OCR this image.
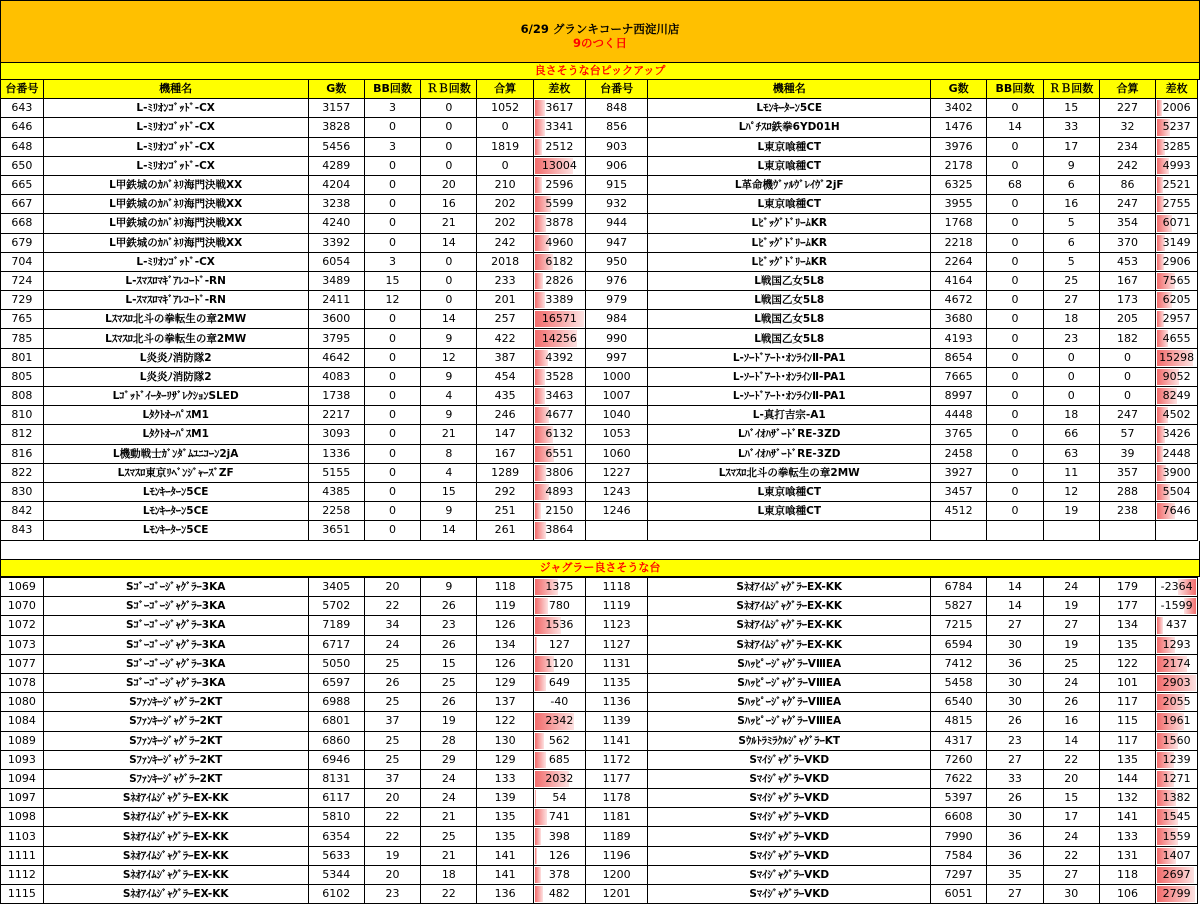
6/29 グランキコーナ西淀川店
9のつく日
良さそうな台ピックアップ
台番号	機種名	G数	BB回数	ＲＢ回数	合算	差枚	台番号	機種名	G数	BB回数	ＲＢ回数	合算	差枚
643	L-ﾐﾘｵﾝｺﾞｯﾄﾞ-CX	3157	3	0	1052	3617	848	Lﾓﾝｷｰﾀｰﾝ5CE	3402	0	15	227	2006
646	L-ﾐﾘｵﾝｺﾞｯﾄﾞ-CX	3828	0	0	0	3341	856	Lﾊﾟﾁｽﾛ鉄拳6YD01H	1476	14	33	32	5237
648	L-ﾐﾘｵﾝｺﾞｯﾄﾞ-CX	5456	3	0	1819	2512	903	L東京喰種CT	3976	0	17	234	3285
650	L-ﾐﾘｵﾝｺﾞｯﾄﾞ-CX	4289	0	0	0	13004	906	L東京喰種CT	2178	0	9	242	4993
665	L甲鉄城のｶﾊﾞﾈﾘ海門決戦XX	4204	0	20	210	2596	915	L革命機ｳﾞｧﾙｳﾞﾚｲｳﾞ2jF	6325	68	6	86	2521
667	L甲鉄城のｶﾊﾞﾈﾘ海門決戦XX	3238	0	16	202	5599	932	L東京喰種CT	3955	0	16	247	2755
668	L甲鉄城のｶﾊﾞﾈﾘ海門決戦XX	4240	0	21	202	3878	944	LﾋﾞｯｸﾞﾄﾞﾘｰﾑKR	1768	0	5	354	6071
679	L甲鉄城のｶﾊﾞﾈﾘ海門決戦XX	3392	0	14	242	4960	947	LﾋﾞｯｸﾞﾄﾞﾘｰﾑKR	2218	0	6	370	3149
704	L-ﾐﾘｵﾝｺﾞｯﾄﾞ-CX	6054	3	0	2018	6182	950	LﾋﾞｯｸﾞﾄﾞﾘｰﾑKR	2264	0	5	453	2906
724	L-ｽﾏｽﾛﾏｷﾞｱﾚｺｰﾄﾞ-RN	3489	15	0	233	2826	976	L戦国乙女5L8	4164	0	25	167	7565
729	L-ｽﾏｽﾛﾏｷﾞｱﾚｺｰﾄﾞ-RN	2411	12	0	201	3389	979	L戦国乙女5L8	4672	0	27	173	6205
765	Lｽﾏｽﾛ北斗の拳転生の章2MW	3600	0	14	257	16571	984	L戦国乙女5L8	3680	0	18	205	2957
785	Lｽﾏｽﾛ北斗の拳転生の章2MW	3795	0	9	422	14256	990	L戦国乙女5L8	4193	0	23	182	4655
801	L炎炎ﾉ消防隊2	4642	0	12	387	4392	997	L-ｿｰﾄﾞｱｰﾄ･ｵﾝﾗｲﾝⅡ-PA1	8654	0	0	0	15298
805	L炎炎ﾉ消防隊2	4083	0	9	454	3528	1000	L-ｿｰﾄﾞｱｰﾄ･ｵﾝﾗｲﾝⅡ-PA1	7665	0	0	0	9052
808	LｺﾞｯﾄﾞｲｰﾀｰﾘｻﾞﾚｸｼｮﾝSLED	1738	0	4	435	3463	1007	L-ｿｰﾄﾞｱｰﾄ･ｵﾝﾗｲﾝⅡ-PA1	8997	0	0	0	8249
810	LﾀｸﾄｵｰﾊﾟｽM1	2217	0	9	246	4677	1040	L-真打吉宗-A1	4448	0	18	247	4502
812	LﾀｸﾄｵｰﾊﾟｽM1	3093	0	21	147	6132	1053	LﾊﾞｲｵﾊｻﾞｰﾄﾞRE-3ZD	3765	0	66	57	3426
816	L機動戦士ｶﾞﾝﾀﾞﾑﾕﾆｺｰﾝ2jA	1336	0	8	167	6551	1060	LﾊﾞｲｵﾊｻﾞｰﾄﾞRE-3ZD	2458	0	63	39	2448
822	Lｽﾏｽﾛ東京ﾘﾍﾞﾝｼﾞｬｰｽﾞZF	5155	0	4	1289	3806	1227	Lｽﾏｽﾛ北斗の拳転生の章2MW	3927	0	11	357	3900
830	Lﾓﾝｷｰﾀｰﾝ5CE	4385	0	15	292	4893	1243	L東京喰種CT	3457	0	12	288	5504
842	Lﾓﾝｷｰﾀｰﾝ5CE	2258	0	9	251	2150	1246	L東京喰種CT	4512	0	19	238	7646
843	Lﾓﾝｷｰﾀｰﾝ5CE	3651	0	14	261	3864							
ジャグラー良さそうな台
1069	Sｺﾞｰｺﾞｰｼﾞｬｸﾞﾗｰ3KA	3405	20	9	118	1375	1118	SﾈｵｱｲﾑｼﾞｬｸﾞﾗｰEX-KK	6784	14	24	179	-2364
1070	Sｺﾞｰｺﾞｰｼﾞｬｸﾞﾗｰ3KA	5702	22	26	119	780	1119	SﾈｵｱｲﾑｼﾞｬｸﾞﾗｰEX-KK	5827	14	19	177	-1599
1072	Sｺﾞｰｺﾞｰｼﾞｬｸﾞﾗｰ3KA	7189	34	23	126	1536	1123	SﾈｵｱｲﾑｼﾞｬｸﾞﾗｰEX-KK	7215	27	27	134	437
1073	Sｺﾞｰｺﾞｰｼﾞｬｸﾞﾗｰ3KA	6717	24	26	134	127	1127	SﾈｵｱｲﾑｼﾞｬｸﾞﾗｰEX-KK	6594	30	19	135	1293
1077	Sｺﾞｰｺﾞｰｼﾞｬｸﾞﾗｰ3KA	5050	25	15	126	1120	1131	SﾊｯﾋﾟｰｼﾞｬｸﾞﾗｰVⅢEA	7412	36	25	122	2174
1078	Sｺﾞｰｺﾞｰｼﾞｬｸﾞﾗｰ3KA	6597	26	25	129	649	1135	SﾊｯﾋﾟｰｼﾞｬｸﾞﾗｰVⅢEA	5458	30	24	101	2903
1080	Sﾌｧﾝｷｰｼﾞｬｸﾞﾗｰ2KT	6988	25	26	137	-40	1136	SﾊｯﾋﾟｰｼﾞｬｸﾞﾗｰVⅢEA	6540	30	26	117	2055
1084	Sﾌｧﾝｷｰｼﾞｬｸﾞﾗｰ2KT	6801	37	19	122	2342	1139	SﾊｯﾋﾟｰｼﾞｬｸﾞﾗｰVⅢEA	4815	26	16	115	1961
1089	Sﾌｧﾝｷｰｼﾞｬｸﾞﾗｰ2KT	6860	25	28	130	562	1141	SｳﾙﾄﾗﾐﾗｸﾙｼﾞｬｸﾞﾗｰKT	4317	23	14	117	1560
1093	Sﾌｧﾝｷｰｼﾞｬｸﾞﾗｰ2KT	6946	25	29	129	685	1172	SﾏｲｼﾞｬｸﾞﾗｰVKD	7260	27	22	135	1239
1094	Sﾌｧﾝｷｰｼﾞｬｸﾞﾗｰ2KT	8131	37	24	133	2032	1177	SﾏｲｼﾞｬｸﾞﾗｰVKD	7622	33	20	144	1271
1097	SﾈｵｱｲﾑｼﾞｬｸﾞﾗｰEX-KK	6117	20	24	139	54	1178	SﾏｲｼﾞｬｸﾞﾗｰVKD	5397	26	15	132	1382
1098	SﾈｵｱｲﾑｼﾞｬｸﾞﾗｰEX-KK	5810	22	21	135	741	1181	SﾏｲｼﾞｬｸﾞﾗｰVKD	6608	30	17	141	1545
1103	SﾈｵｱｲﾑｼﾞｬｸﾞﾗｰEX-KK	6354	22	25	135	398	1189	SﾏｲｼﾞｬｸﾞﾗｰVKD	7990	36	24	133	1559
1111	SﾈｵｱｲﾑｼﾞｬｸﾞﾗｰEX-KK	5633	19	21	141	126	1196	SﾏｲｼﾞｬｸﾞﾗｰVKD	7584	36	22	131	1407
1112	SﾈｵｱｲﾑｼﾞｬｸﾞﾗｰEX-KK	5344	20	18	141	378	1200	SﾏｲｼﾞｬｸﾞﾗｰVKD	7297	35	27	118	2697
1115	SﾈｵｱｲﾑｼﾞｬｸﾞﾗｰEX-KK	6102	23	22	136	482	1201	SﾏｲｼﾞｬｸﾞﾗｰVKD	6051	27	30	106	2799
